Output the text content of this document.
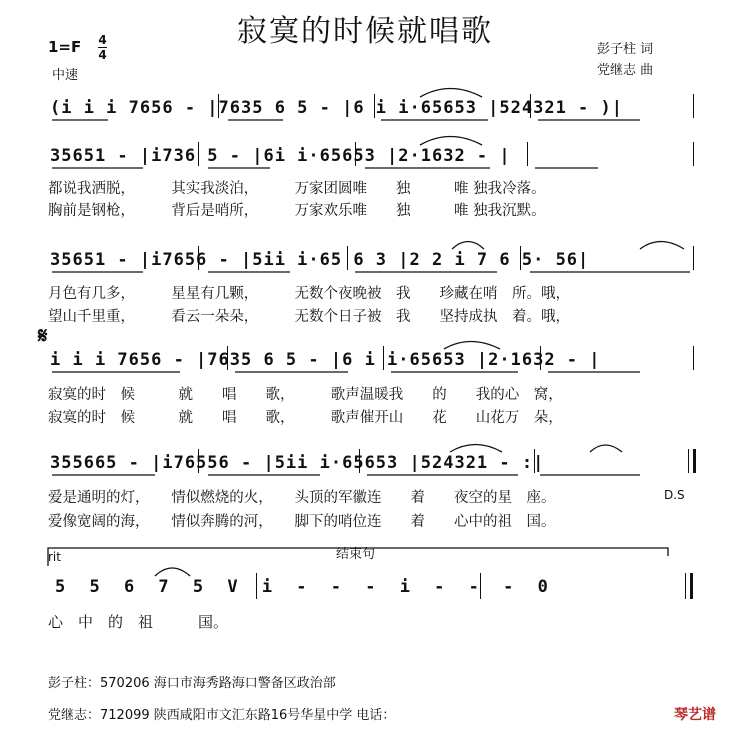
寂寞的时候就唱歌
1=F 4
4
中速
彭子柱 词
党继志 曲
(i i i 7656 - |7635 6 5 - |6 i i·65653 |524321 - )|
35651 - |i736 5 - |6i i·65653 |2·1632 - |
都说我洒脱，　　　其实我淡泊，　　　万家团圆唯　　独　　　唯 独我冷落。
胸前是钢枪，　　　背后是哨所，　　　万家欢乐唯　　独　　　唯 独我沉默。
35651 - |i7656 - |5ii i·65 6 3 |2 2 i 7 6 5· 56|
月色有几多，　　　星星有几颗，　　　无数个夜晚被　我　　珍藏在哨　所。哦，
望山千里重，　　　看云一朵朵，　　　无数个日子被　我　　坚持成执　着。哦，
𝄋
i i i 7656 - |7635 6 5 - |6 i i·65653 |2·1632 - |
寂寞的时　候　　　就　　唱　　歌，　　　歌声温暖我　　的　　我的心　窝，
寂寞的时　候　　　就　　唱　　歌，　　　歌声催开山　　花　　山花万　朵，
355665 - |i76556 - |5ii i·65653 |524321 - :|
爱是通明的灯，　　情似燃烧的火，　　头顶的军徽连　　着　　夜空的星　座。
爱像宽阔的海，　　情似奔腾的河，　　脚下的哨位连　　着　　心中的祖　国。
D.S
rit	结束句
5 5 6 7 5 V i - - - i - - - 0
心　中　的　祖　　　国。
彭子柱：570206 海口市海秀路海口警备区政治部
党继志：712099 陕西咸阳市文汇东路16号华星中学 电话：	琴艺谱
